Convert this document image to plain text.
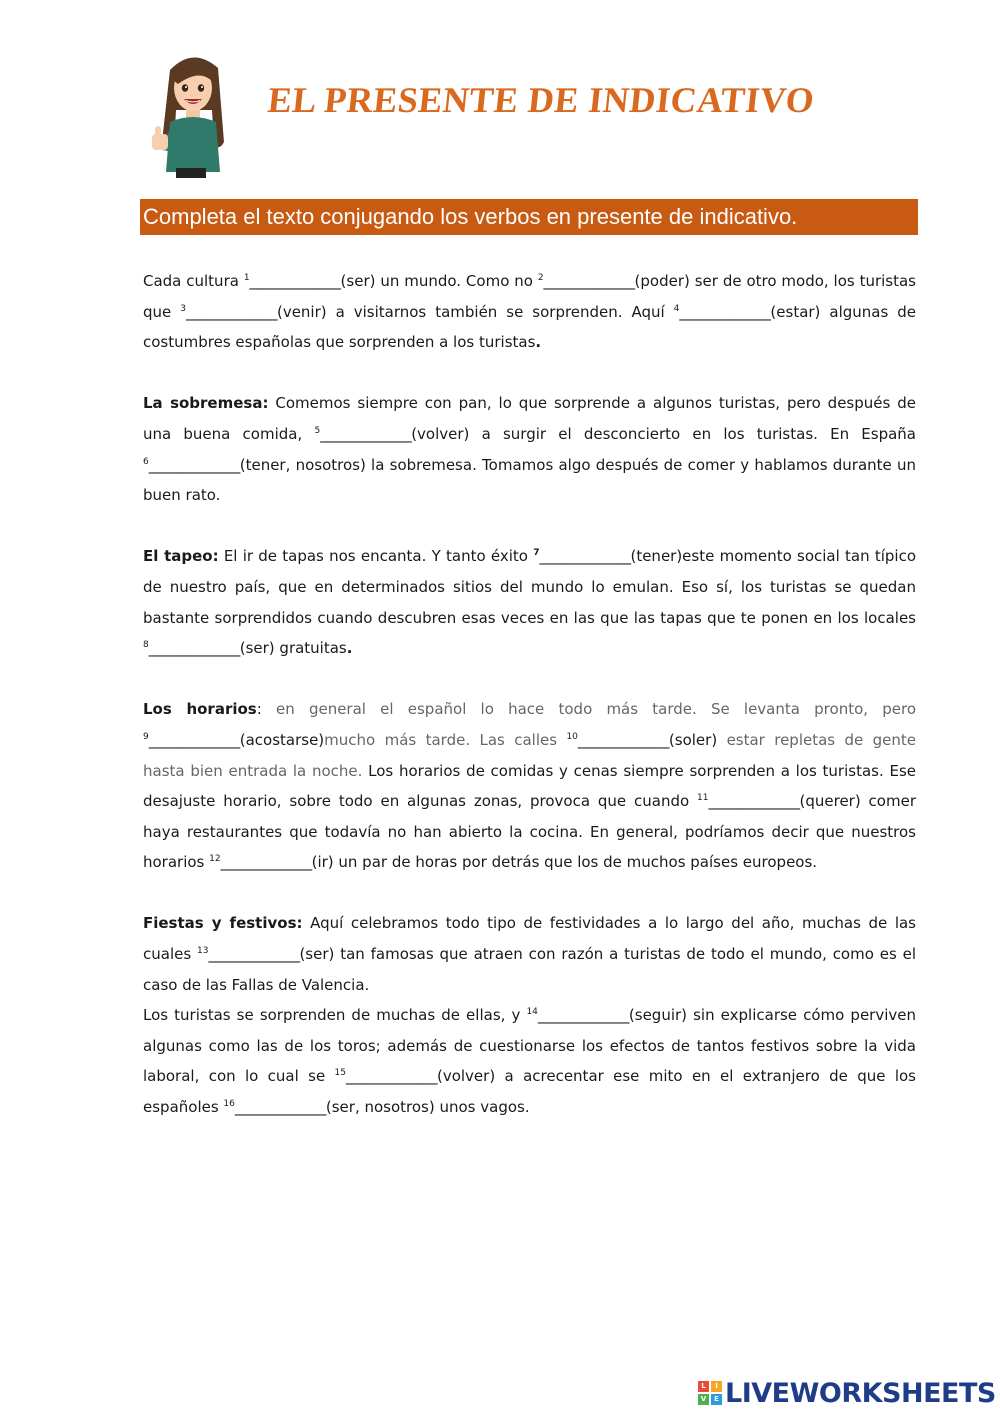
EL PRESENTE DE INDICATIVO
Completa el texto conjugando los verbos en presente de indicativo.

Cada cultura $^1$_____________(ser) un mundo. Como no $^2$_____________(poder) ser de otro modo, los turistas que $^3$_____________(venir) a visitarnos también se sorprenden. Aquí $^4$_____________(estar) algunas de costumbres españolas que sorprenden a los turistas.

La sobremesa: Comemos siempre con pan, lo que sorprende a algunos turistas, pero después de una buena comida, $^5$_____________(volver) a surgir el desconcierto en los turistas. En España $^6$_____________(tener, nosotros) la sobremesa. Tomamos algo después de comer y hablamos durante un buen rato.

El tapeo: El ir de tapas nos encanta. Y tanto éxito $^7$_____________(tener)este momento social tan típico de nuestro país, que en determinados sitios del mundo lo emulan. Eso sí, los turistas se quedan bastante sorprendidos cuando descubren esas veces en las que las tapas que te ponen en los locales $^8$_____________(ser) gratuitas.

Los horarios: en general el español lo hace todo más tarde. Se levanta pronto, pero $^9$_____________(acostarse)mucho más tarde. Las calles $^{10}$_____________(soler) estar repletas de gente hasta bien entrada la noche. Los horarios de comidas y cenas siempre sorprenden a los turistas. Ese desajuste horario, sobre todo en algunas zonas, provoca que cuando $^{11}$_____________(querer) comer haya restaurantes que todavía no han abierto la cocina. En general, podríamos decir que nuestros horarios $^{12}$_____________(ir) un par de horas por detrás que los de muchos países europeos.

Fiestas y festivos: Aquí celebramos todo tipo de festividades a lo largo del año, muchas de las cuales $^{13}$_____________(ser) tan famosas que atraen con razón a turistas de todo el mundo, como es el caso de las Fallas de Valencia.

Los turistas se sorprenden de muchas de ellas, y $^{14}$_____________(seguir) sin explicarse cómo perviven algunas como las de los toros; además de cuestionarse los efectos de tantos festivos sobre la vida laboral, con lo cual se $^{15}$_____________(volver) a acrecentar ese mito en el extranjero de que los españoles $^{16}$_____________(ser, nosotros) unos vagos.

L	I
V	E LIVEWORKSHEETS
